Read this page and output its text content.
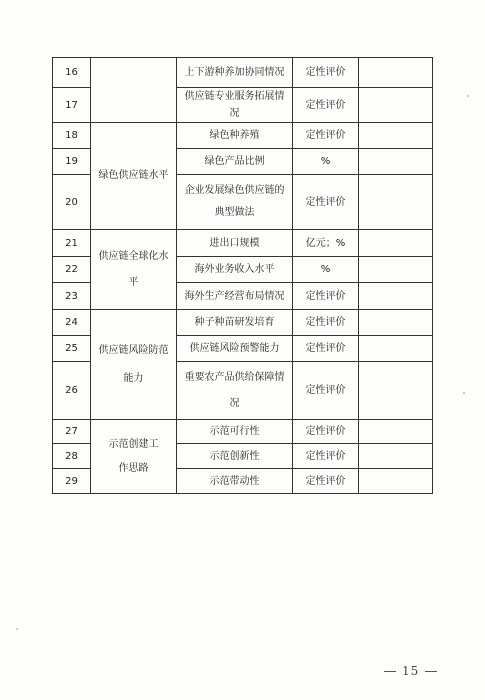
16		上下游种养加协同情况	定性评价	
17		供应链专业服务拓展情况	定性评价	
18	绿色供应链水平	绿色种养殖	定性评价	
19		绿色产品比例	%	
20		企业发展绿色供应链的典型做法	定性评价	
21	供应链全球化水平	进出口规模	亿元；%	
22		海外业务收入水平	%	
23		海外生产经营布局情况	定性评价	
24	供应链风险防范能力	种子种苗研发培育	定性评价	
25		供应链风险预警能力	定性评价	
26		重要农产品供给保障情况	定性评价	
27	示范创建工作思路	示范可行性	定性评价	
28		示范创新性	定性评价	
29		示范带动性	定性评价	
15
